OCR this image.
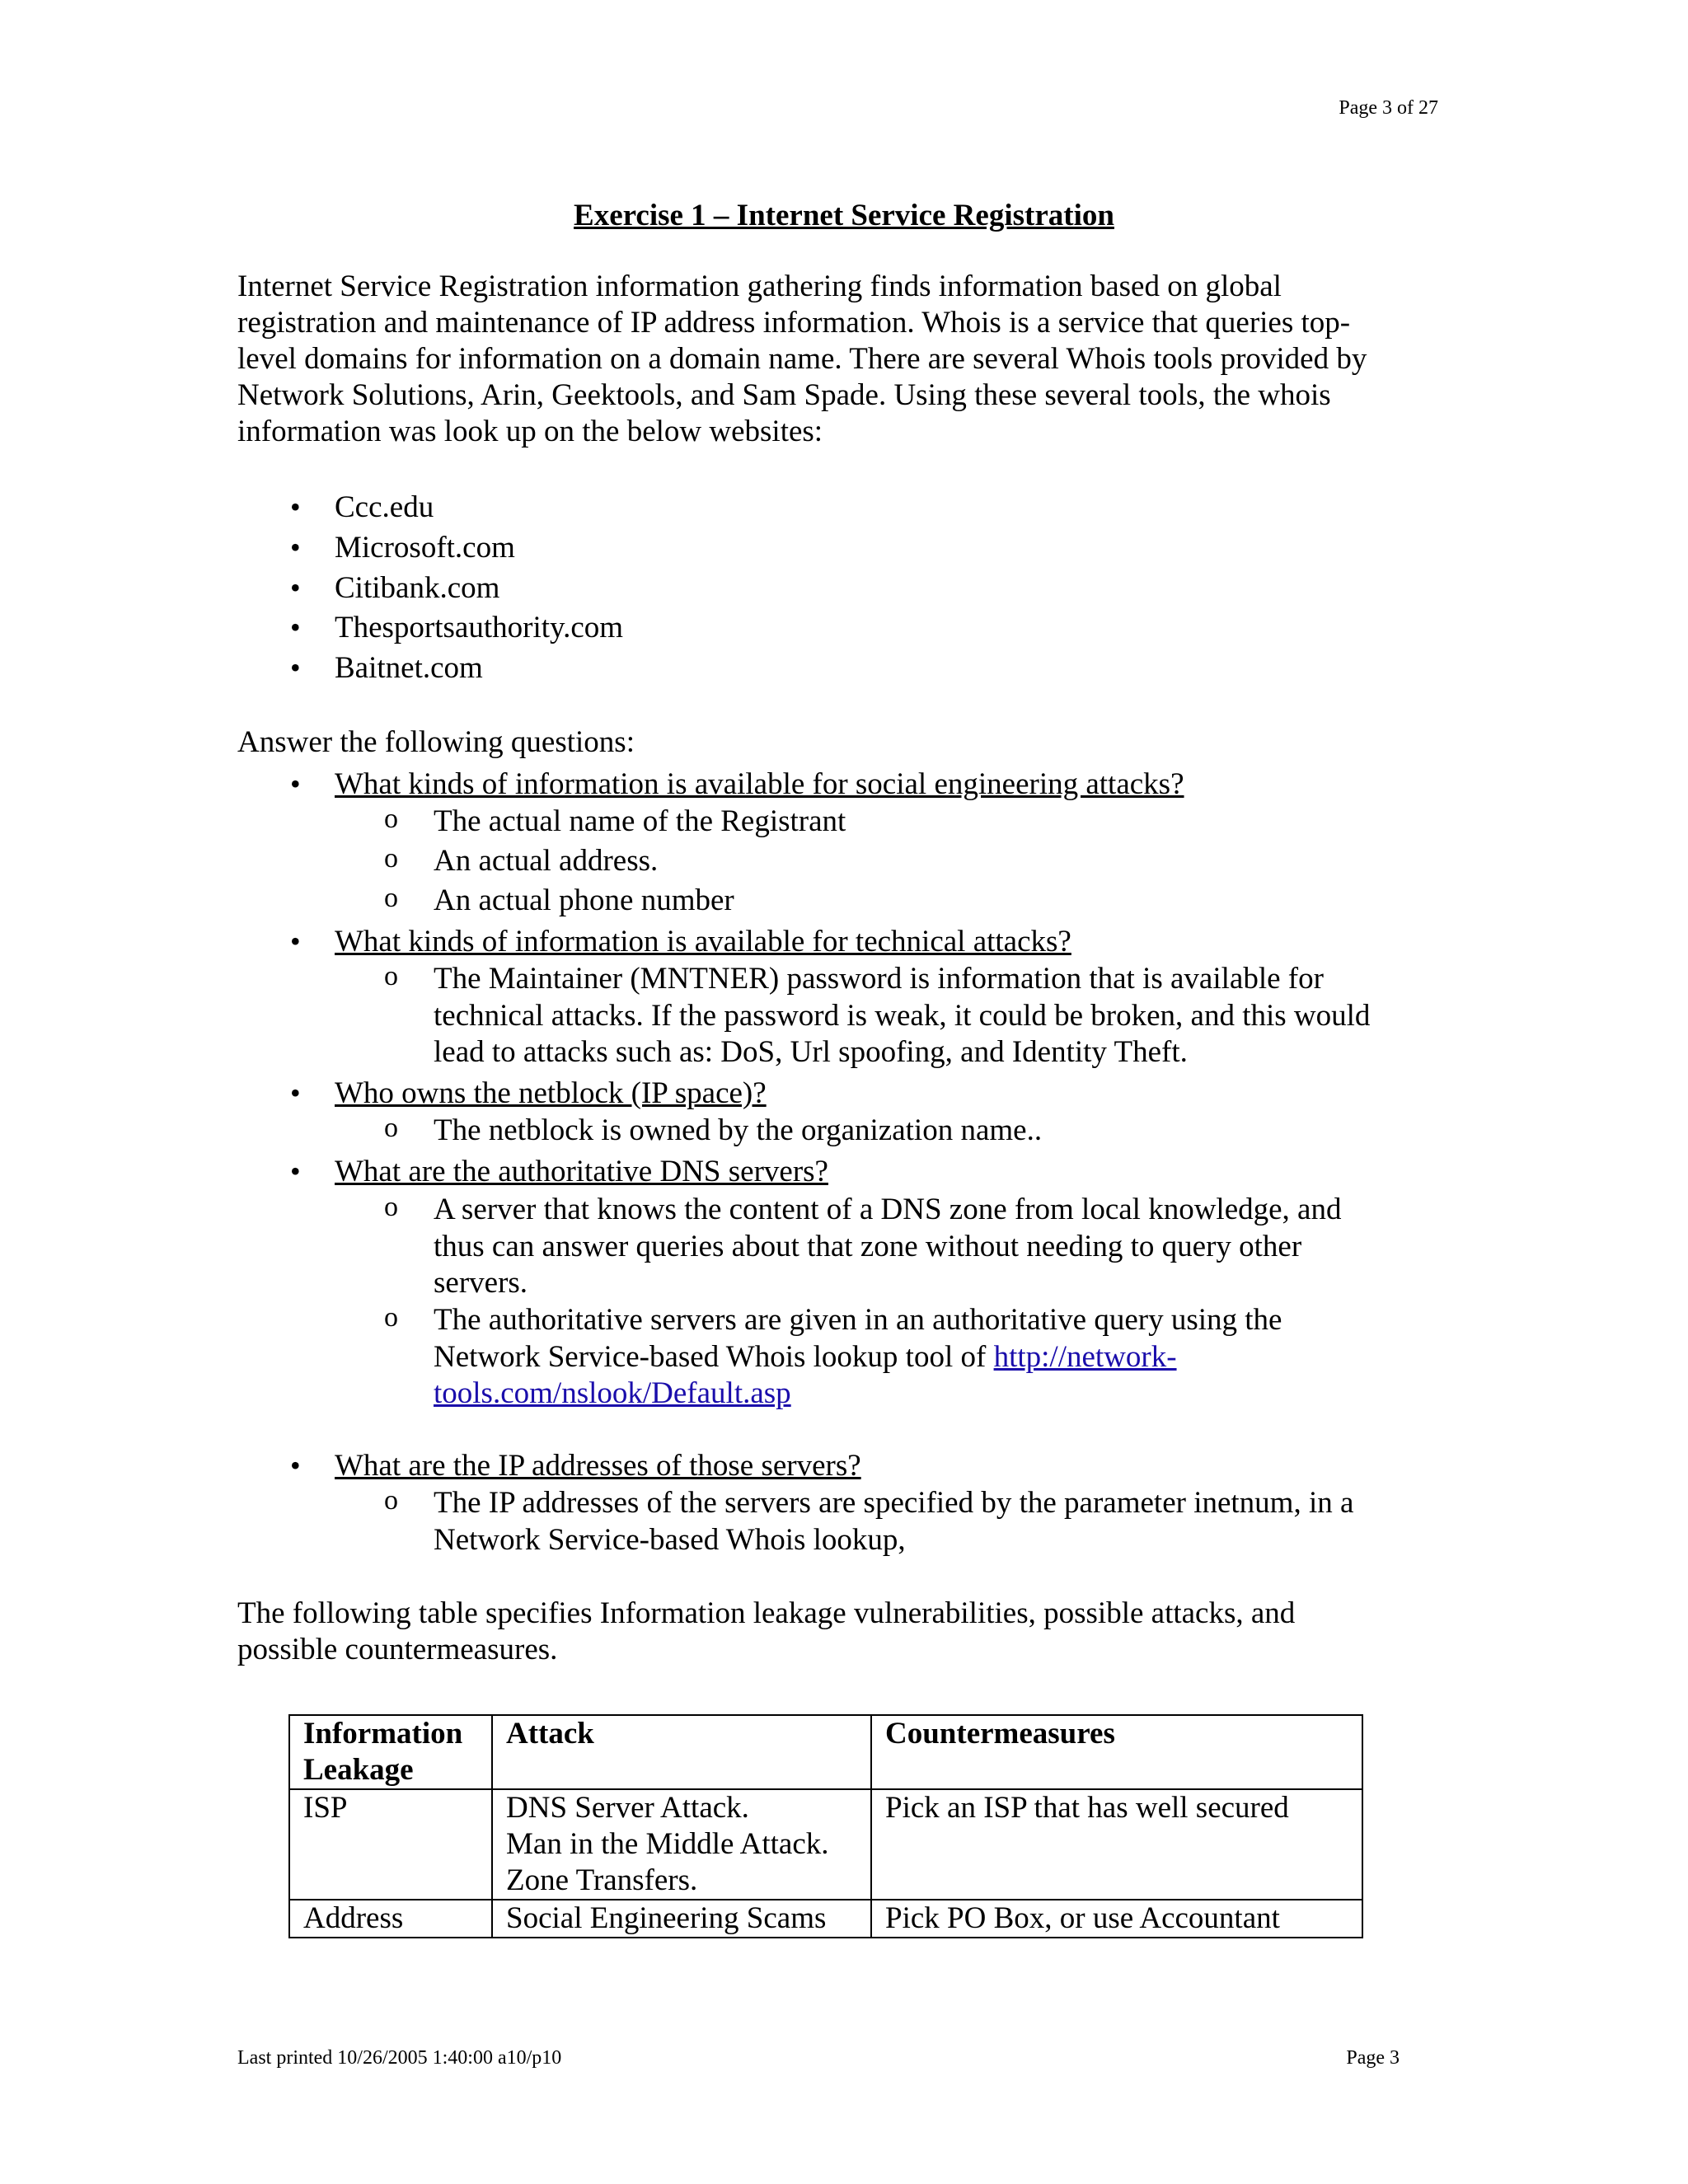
Page 3 of 27
Exercise 1 – Internet Service Registration
Internet Service Registration information gathering finds information based on global
registration and maintenance of IP address information. Whois is a service that queries top-
level domains for information on a domain name. There are several Whois tools provided by
Network Solutions, Arin, Geektools, and Sam Spade. Using these several tools, the whois
information was look up on the below websites:
• Ccc.edu
• Microsoft.com
• Citibank.com
• Thesportsauthority.com
• Baitnet.com
Answer the following questions:
• What kinds of information is available for social engineering attacks?
o The actual name of the Registrant
o An actual address.
o An actual phone number
• What kinds of information is available for technical attacks?
o The Maintainer (MNTNER) password is information that is available for
technical attacks. If the password is weak, it could be broken, and this would
lead to attacks such as: DoS, Url spoofing, and Identity Theft.
• Who owns the netblock (IP space)?
o The netblock is owned by the organization name..
• What are the authoritative DNS servers?
o A server that knows the content of a DNS zone from local knowledge, and
thus can answer queries about that zone without needing to query other
servers.
o The authoritative servers are given in an authoritative query using the
Network Service-based Whois lookup tool of http://network-
tools.com/nslook/Default.asp
• What are the IP addresses of those servers?
o The IP addresses of the servers are specified by the parameter inetnum, in a
Network Service-based Whois lookup,
The following table specifies Information leakage vulnerabilities, possible attacks, and
possible countermeasures.
Information Leakage	Attack	Countermeasures
ISP	DNS Server Attack.
Man in the Middle Attack.
Zone Transfers.	Pick an ISP that has well secured
Address	Social Engineering Scams	Pick PO Box, or use Accountant
Last printed 10/26/2005 1:40:00 a10/p10	Page 3
